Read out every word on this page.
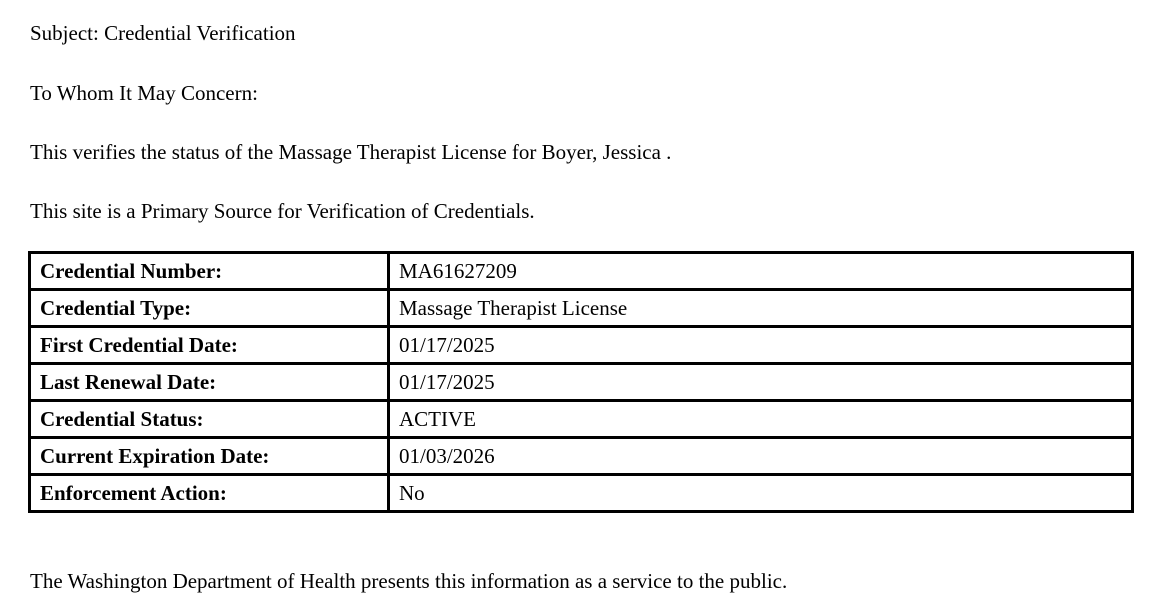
Subject: Credential Verification
To Whom It May Concern:
This verifies the status of the Massage Therapist License for Boyer, Jessica .
This site is a Primary Source for Verification of Credentials.
Credential Number:	MA61627209
Credential Type:	Massage Therapist License
First Credential Date:	01/17/2025
Last Renewal Date:	01/17/2025
Credential Status:	ACTIVE
Current Expiration Date:	01/03/2026
Enforcement Action:	No
The Washington Department of Health presents this information as a service to the public.
